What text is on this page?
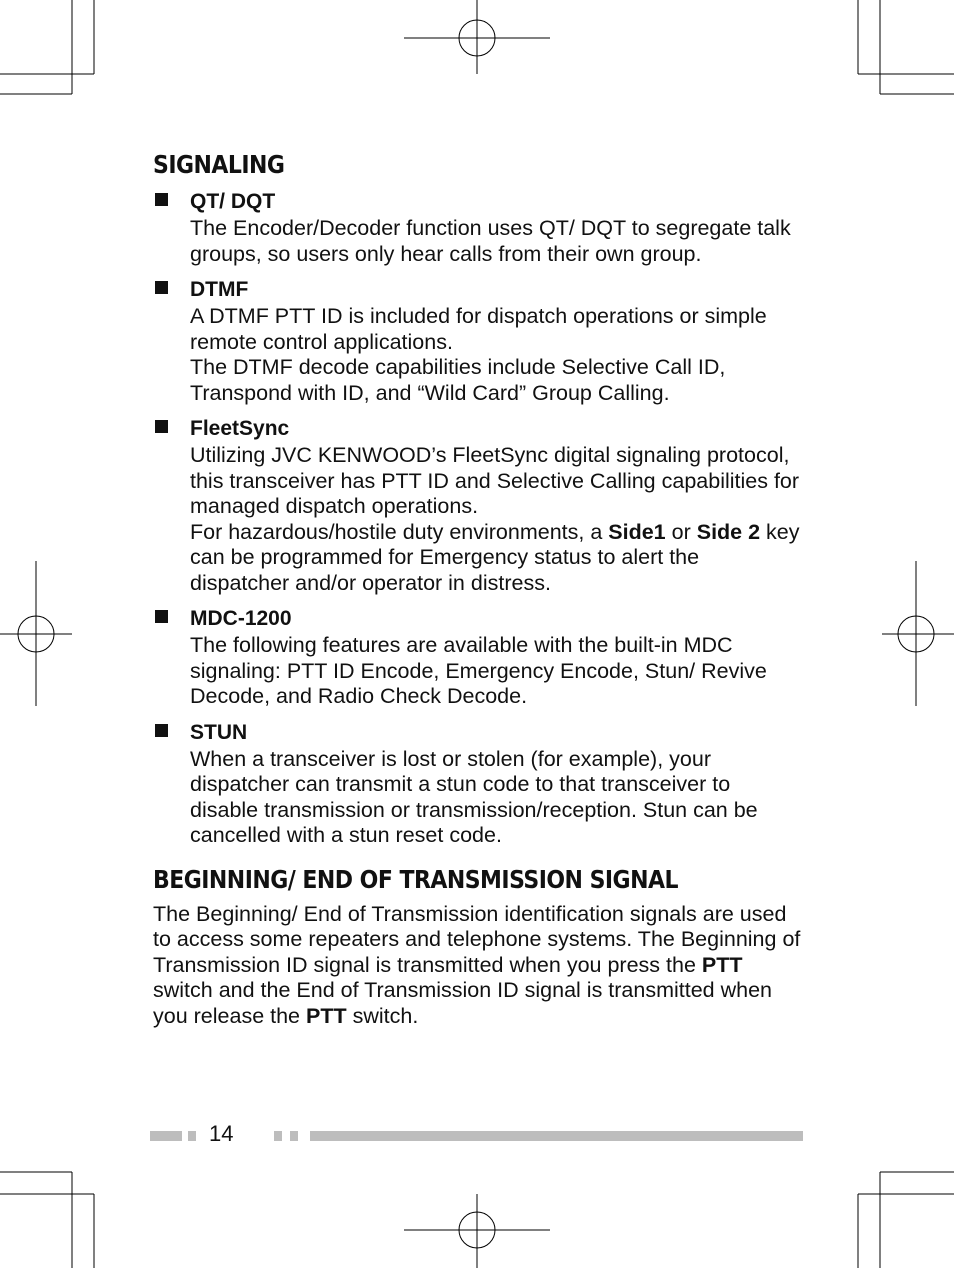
SIGNALING
QT/ DQT

The Encoder/Decoder function uses QT/ DQT to segregate talk groups, so users only hear calls from their own group.

DTMF

A DTMF PTT ID is included for dispatch operations or simple remote control applications.

The DTMF decode capabilities include Selective Call ID, Transpond with ID, and “Wild Card” Group Calling.

FleetSync

Utilizing JVC KENWOOD’s FleetSync digital signaling protocol, this transceiver has PTT ID and Selective Calling capabilities for managed dispatch operations.

For hazardous/hostile duty environments, a Side1 or Side 2 key can be programmed for Emergency status to alert the dispatcher and/or operator in distress.

MDC-1200

The following features are available with the built-in MDC signaling: PTT ID Encode, Emergency Encode, Stun/ Revive Decode, and Radio Check Decode.

STUN

When a transceiver is lost or stolen (for example), your dispatcher can transmit a stun code to that transceiver to disable transmission or transmission/reception. Stun can be cancelled with a stun reset code.

BEGINNING/ END OF TRANSMISSION SIGNAL

The Beginning/ End of Transmission identification signals are used to access some repeaters and telephone systems. The Beginning of Transmission ID signal is transmitted when you press the PTT switch and the End of Transmission ID signal is transmitted when you release the PTT switch.

14
